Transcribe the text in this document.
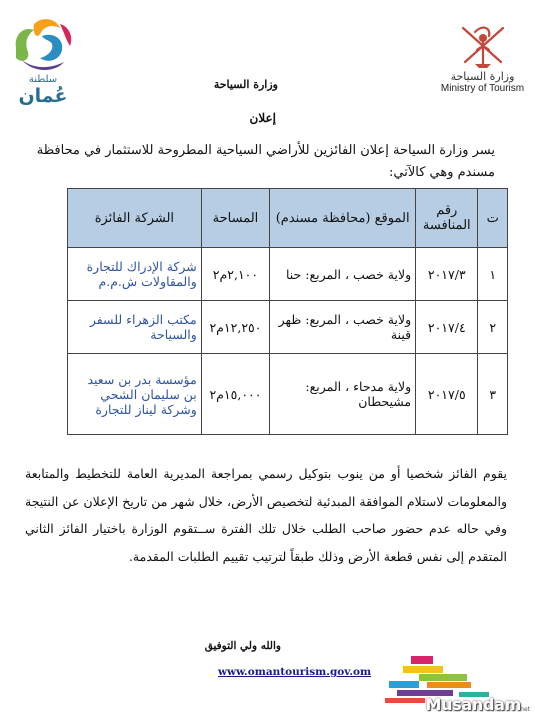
سلطنة
عُمان
وزارة السياحة
Ministry of Tourism
وزارة السياحة
إعلان
يسر وزارة السياحة إعلان الفائزين للأراضي السياحية المطروحة للاستثمار في محافظة مسندم وهي كالآتي:
ت	رقم المنافسة	الموقع (محافظة مسندم)	المساحة	الشركة الفائزة
١	٢٠١٧/٣	ولاية خصب ، المربع: حنا	٢,١٠٠م٢	شركة الإدراك للتجارة والمقاولات ش.م.م
٢	٢٠١٧/٤	ولاية خصب ، المربع: ظهر قينة	١٢,٢٥٠م٢	مكتب الزهراء للسفر والسياحة
٣	٢٠١٧/٥	ولاية مدحاء ، المربع: مشيحطان	١٥,٠٠٠م٢	مؤسسة بدر بن سعيد بن سليمان الشحي وشركة ليناز للتجارة
يقوم الفائز شخصيا أو من ينوب بتوكيل رسمي بمراجعة المديرية العامة للتخطيط والمتابعة والمعلومات لاستلام الموافقة المبدئية لتخصيص الأرض، خلال شهر من تاريخ الإعلان عن النتيجة وفي حاله عدم حضور صاحب الطلب خلال تلك الفترة ســتقوم الوزارة باختيار الفائز الثاني المتقدم إلى نفس قطعة الأرض وذلك طبقاً لترتيب تقييم الطلبات المقدمة.
والله ولي التوفيق
www.omantourism.gov.om
Musandam
.net
